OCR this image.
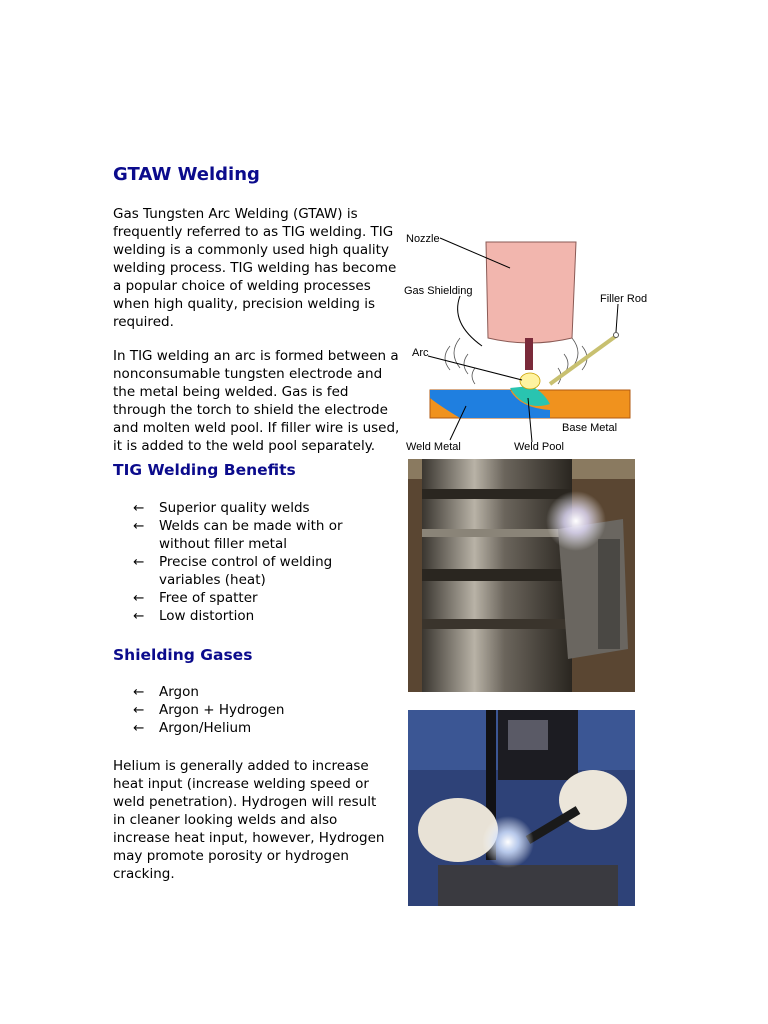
GTAW Welding

Gas Tungsten Arc Welding (GTAW) is frequently referred to as TIG welding. TIG welding is a commonly used high quality welding process. TIG welding has become a popular choice of welding processes when high quality, precision welding is required.

In TIG welding an arc is formed between a nonconsumable tungsten electrode and the metal being welded. Gas is fed through the torch to shield the electrode and molten weld pool. If filler wire is used, it is added to the weld pool separately.

TIG Welding Benefits
← Superior quality welds
← Welds can be made with or without filler metal
← Precise control of welding variables (heat)
← Free of spatter
← Low distortion
Shielding Gases
← Argon
← Argon + Hydrogen
← Argon/Helium

Helium is generally added to increase heat input (increase welding speed or weld penetration). Hydrogen will result in cleaner looking welds and also increase heat input, however, Hydrogen may promote porosity or hydrogen cracking.

Nozzle
Gas Shielding
Filler Rod
Arc
Base Metal
Weld Metal	Weld Pool
